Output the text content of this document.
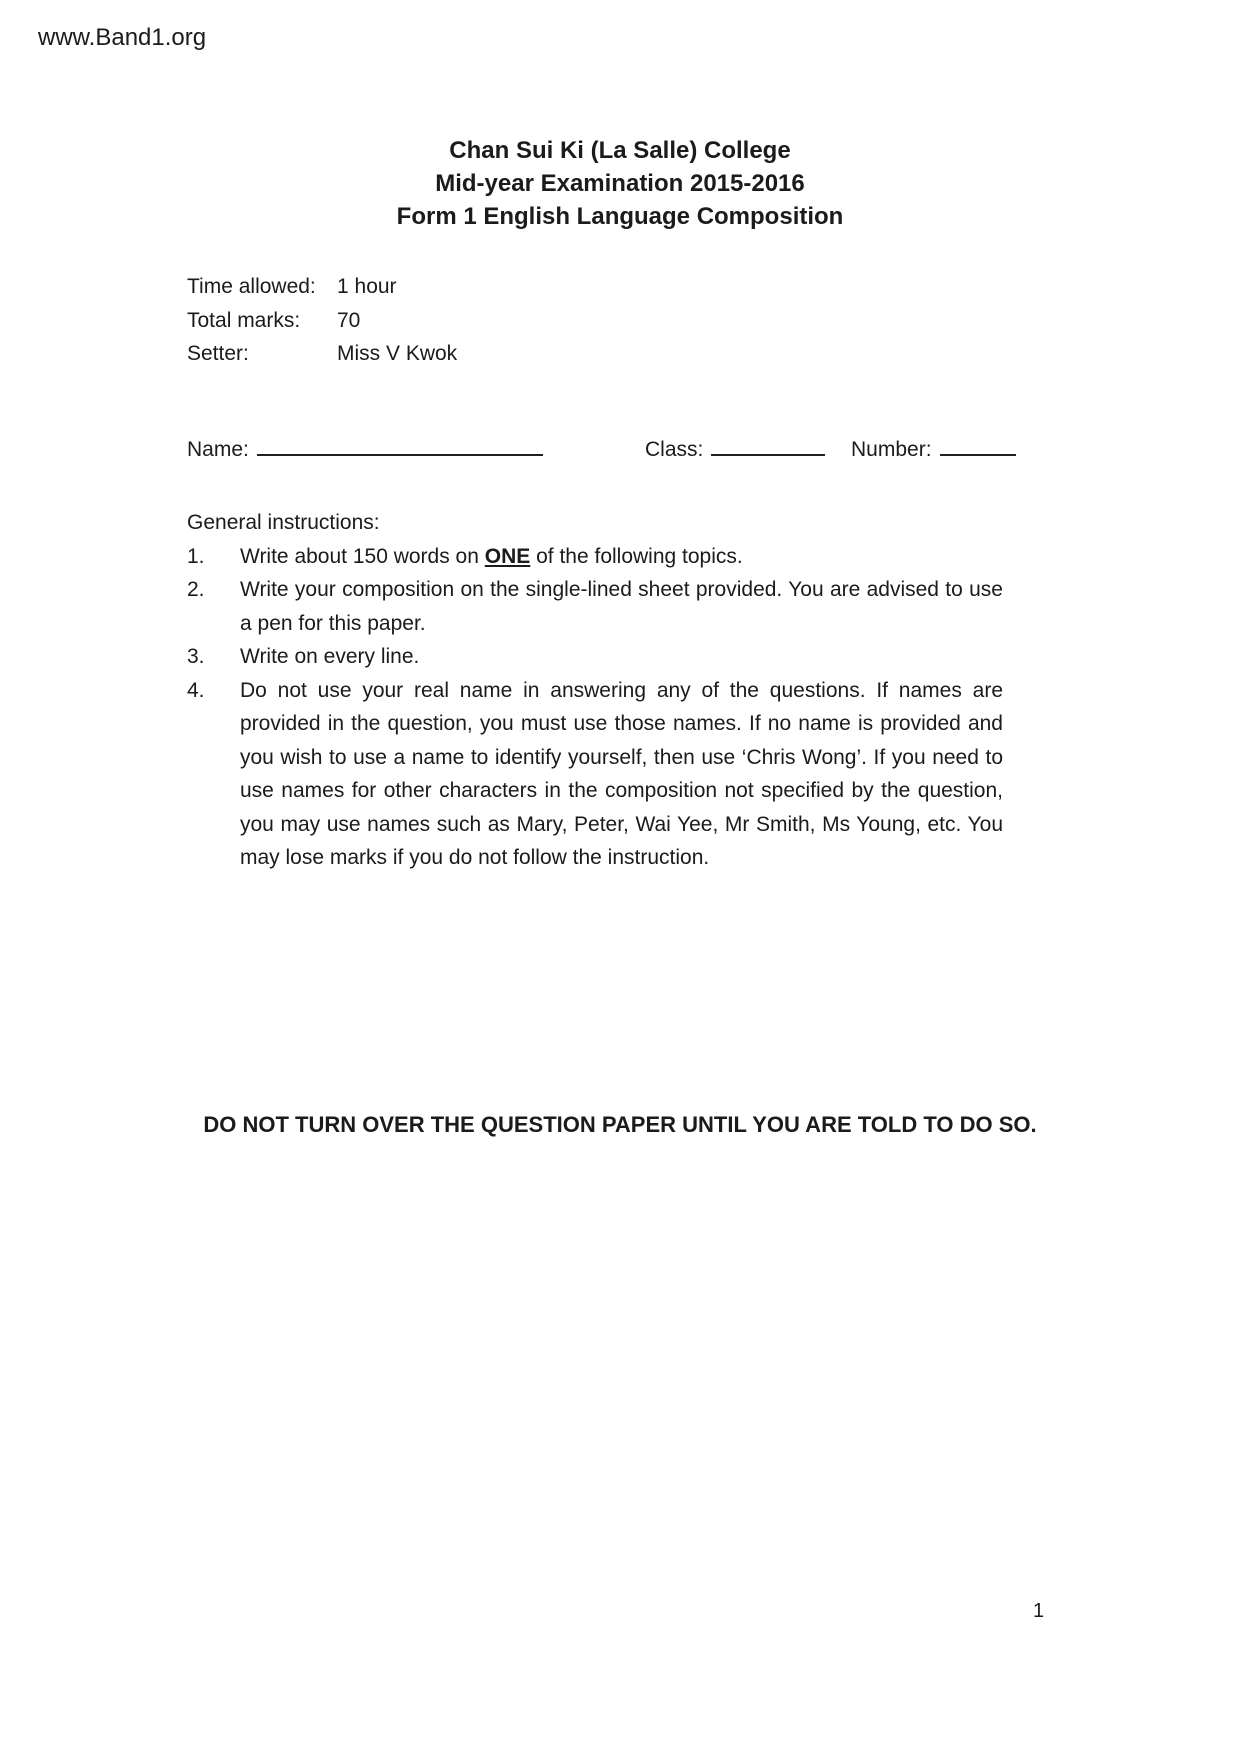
www.Band1.org
Chan Sui Ki (La Salle) College
Mid-year Examination 2015-2016
Form 1 English Language Composition
Time allowed:	1 hour
Total marks:	70
Setter:	Miss V Kwok
Name:	Class:	Number:
General instructions:
1.	Write about 150 words on ONE of the following topics.
2.	Write your composition on the single-lined sheet provided. You are advised to use a pen for this paper.
3.	Write on every line.
4.	Do not use your real name in answering any of the questions. If names are provided in the question, you must use those names. If no name is provided and you wish to use a name to identify yourself, then use ‘Chris Wong’. If you need to use names for other characters in the composition not specified by the question, you may use names such as Mary, Peter, Wai Yee, Mr Smith, Ms Young, etc. You may lose marks if you do not follow the instruction.
DO NOT TURN OVER THE QUESTION PAPER UNTIL YOU ARE TOLD TO DO SO.
1
